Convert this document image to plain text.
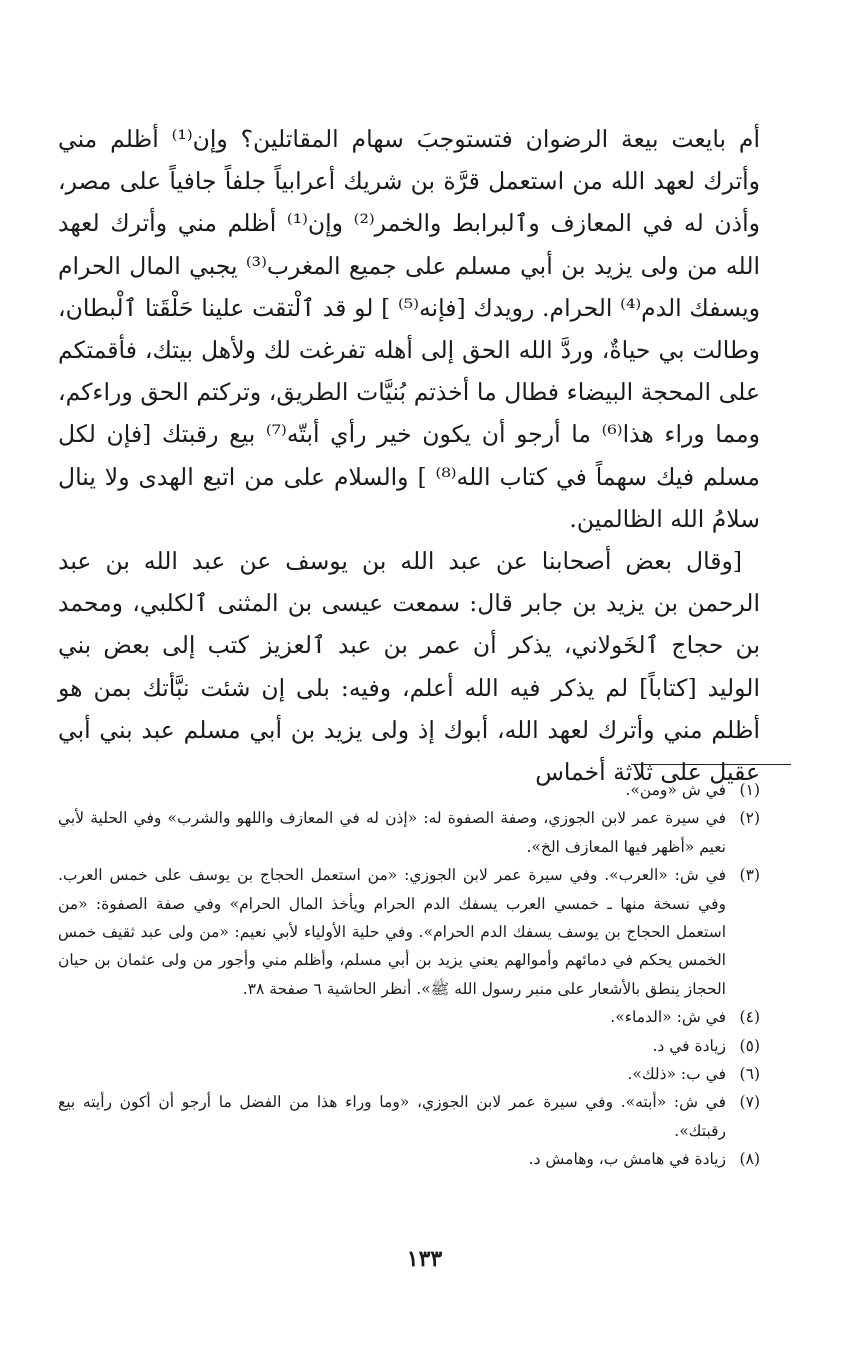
أم بايعت بيعة الرضوان فتستوجبَ سهام المقاتلين؟ وإن⁽¹⁾ أظلم مني وأترك لعهد الله من استعمل قرَّة بن شريك أعرابياً جلفاً جافياً على مصر، وأذن له في المعازف وٱلبرابط والخمر⁽²⁾ وإن⁽¹⁾ أظلم مني وأترك لعهد الله من ولى يزيد بن أبي مسلم على جميع المغرب⁽³⁾ يجبي المال الحرام ويسفك الدم⁽⁴⁾ الحرام. رويدك [فإنه⁽⁵⁾ ] لو قد ٱلْتقت علينا حَلْقَتا ٱلْبطان، وطالت بي حياةٌ، وردَّ الله الحق إلى أهله تفرغت لك ولأهل بيتك، فأقمتكم على المحجة البيضاء فطال ما أخذتم بُنيَّات الطريق، وتركتم الحق وراءكم، ومما وراء هذا⁽⁶⁾ ما أرجو أن يكون خير رأي أبتّه⁽⁷⁾ بيع رقبتك [فإن لكل مسلم فيك سهماً في كتاب الله⁽⁸⁾ ] والسلام على من اتبع الهدى ولا ينال سلامُ الله الظالمين.

[وقال بعض أصحابنا عن عبد الله بن يوسف عن عبد الله بن عبد الرحمن بن يزيد بن جابر قال: سمعت عيسى بن المثنى ٱلكلبي، ومحمد بن حجاج ٱلخَولاني، يذكر أن عمر بن عبد ٱلعزيز كتب إلى بعض بني الوليد [كتاباً] لم يذكر فيه الله أعلم، وفيه: بلى إن شئت نبَّأتك بمن هو أظلم مني وأترك لعهد الله، أبوك إذ ولى يزيد بن أبي مسلم عبد بني أبي عقيل على ثلاثة أخماس

(١)
في ش «ومن».
(٢)
في سيرة عمر لابن الجوزي، وصفة الصفوة له: «إذن له في المعازف واللهو والشرب» وفي الحلية لأبي نعيم «أظهر فيها المعازف الخ».
(٣)
في ش: «العرب». وفي سيرة عمر لابن الجوزي: «من استعمل الحجاج بن يوسف على خمس العرب. وفي نسخة منها ـ خمسي العرب يسفك الدم الحرام ويأخذ المال الحرام» وفي صفة الصفوة: «من استعمل الحجاج بن يوسف يسفك الدم الحرام». وفي حلية الأولياء لأبي نعيم: «من ولى عبد ثقيف خمس الخمس يحكم في دمائهم وأموالهم يعني يزيد بن أبي مسلم، وأظلم مني وأجور من ولى عثمان بن حيان الحجاز ينطق بالأشعار على منبر رسول الله ﷺ». أنظر الحاشية ٦ صفحة ٣٨.
(٤)
في ش: «الدماء».
(٥)
زيادة في د.
(٦)
في ب: «ذلك».
(٧)
في ش: «أبته». وفي سيرة عمر لابن الجوزي، «وما وراء هذا من الفضل ما أرجو أن أكون رأيته بيع رقبتك».
(٨)
زيادة في هامش ب، وهامش د.
١٣٣
